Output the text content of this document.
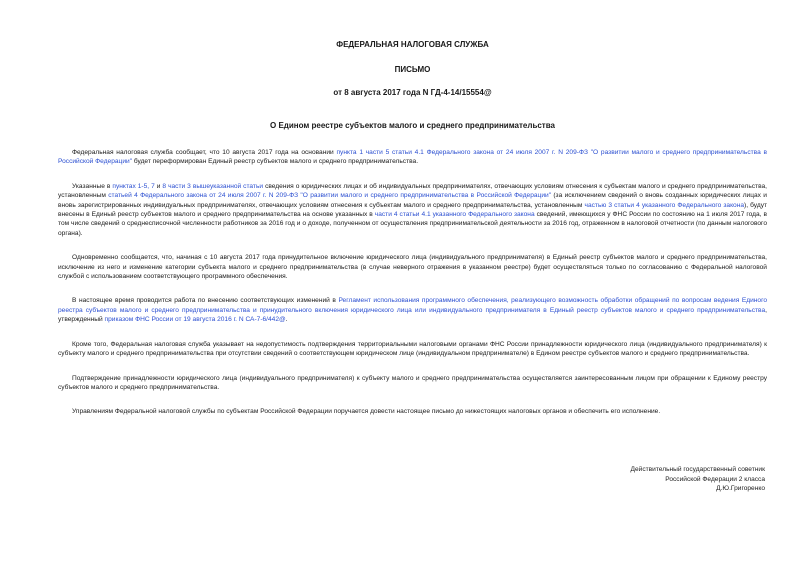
ФЕДЕРАЛЬНАЯ НАЛОГОВАЯ СЛУЖБА
ПИСЬМО
от 8 августа 2017 года N ГД-4-14/15554@
О Едином реестре субъектов малого и среднего предпринимательства

Федеральная налоговая служба сообщает, что 10 августа 2017 года на основании пункта 1 части 5 статьи 4.1 Федерального закона от 24 июля 2007 г. N 209-ФЗ "О развитии малого и среднего предпринимательства в Российской Федерации" будет переформирован Единый реестр субъектов малого и среднего предпринимательства.

Указанные в пунктах 1-5, 7 и 8 части 3 вышеуказанной статьи сведения о юридических лицах и об индивидуальных предпринимателях, отвечающих условиям отнесения к субъектам малого и среднего предпринимательства, установленным статьей 4 Федерального закона от 24 июля 2007 г. N 209-ФЗ "О развитии малого и среднего предпринимательства в Российской Федерации" (за исключением сведений о вновь созданных юридических лицах и вновь зарегистрированных индивидуальных предпринимателях, отвечающих условиям отнесения к субъектам малого и среднего предпринимательства, установленным частью 3 статьи 4 указанного Федерального закона), будут внесены в Единый реестр субъектов малого и среднего предпринимательства на основе указанных в части 4 статьи 4.1 указанного Федерального закона сведений, имеющихся у ФНС России по состоянию на 1 июля 2017 года, в том числе сведений о среднесписочной численности работников за 2016 год и о доходе, полученном от осуществления предпринимательской деятельности за 2016 год, отраженном в налоговой отчетности (по данным налогового органа).

Одновременно сообщается, что, начиная с 10 августа 2017 года принудительное включение юридического лица (индивидуального предпринимателя) в Единый реестр субъектов малого и среднего предпринимательства, исключение из него и изменение категории субъекта малого и среднего предпринимательства (в случае неверного отражения в указанном реестре) будет осуществляться только по согласованию с Федеральной налоговой службой с использованием соответствующего программного обеспечения.

В настоящее время проводится работа по внесению соответствующих изменений в Регламент использования программного обеспечения, реализующего возможность обработки обращений по вопросам ведения Единого реестра субъектов малого и среднего предпринимательства и принудительного включения юридического лица или индивидуального предпринимателя в Единый реестр субъектов малого и среднего предпринимательства, утвержденный приказом ФНС России от 19 августа 2016 г. N СА-7-6/442@.

Кроме того, Федеральная налоговая служба указывает на недопустимость подтверждения территориальными налоговыми органами ФНС России принадлежности юридического лица (индивидуального предпринимателя) к субъекту малого и среднего предпринимательства при отсутствии сведений о соответствующем юридическом лице (индивидуальном предпринимателе) в Едином реестре субъектов малого и среднего предпринимательства.

Подтверждение принадлежности юридического лица (индивидуального предпринимателя) к субъекту малого и среднего предпринимательства осуществляется заинтересованным лицом при обращении к Единому реестру субъектов малого и среднего предпринимательства.

Управлениям Федеральной налоговой службы по субъектам Российской Федерации поручается довести настоящее письмо до нижестоящих налоговых органов и обеспечить его исполнение.

Действительный государственный советник
Российской Федерации 2 класса
Д.Ю.Григоренко
